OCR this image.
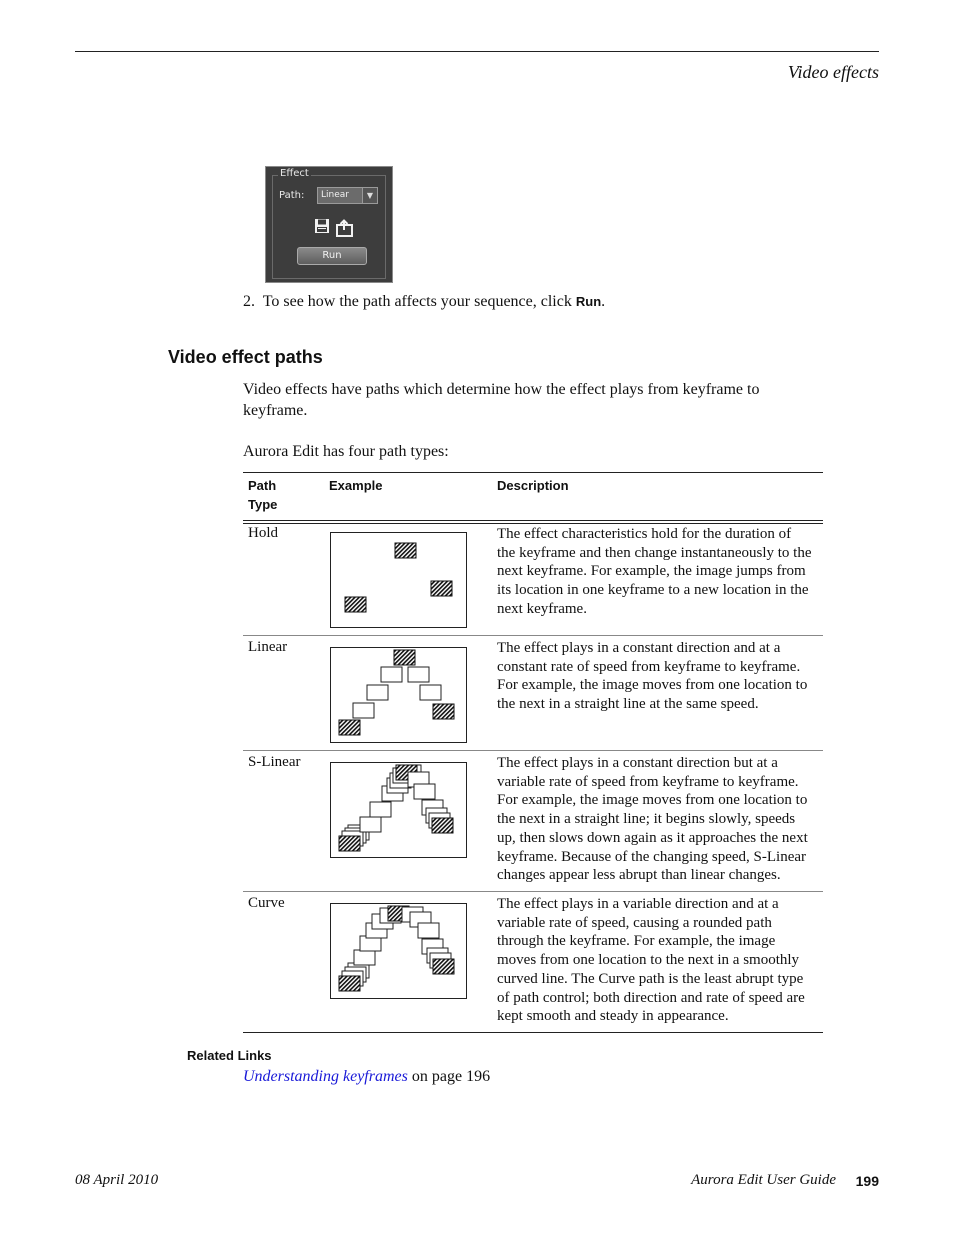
Video effects
Effect
Path:	Linear	▼
Run
2. To see how the path affects your sequence, click Run.
Video effect paths
Video effects have paths which determine how the effect plays from keyframe to keyframe.
Aurora Edit has four path types:
Path Type
Example	Description
Hold	The effect characteristics hold for the duration of the keyframe and then change instantaneously to the next keyframe. For example, the image jumps from its location in one keyframe to a new location in the next keyframe.
Linear	The effect plays in a constant direction and at a constant rate of speed from keyframe to keyframe. For example, the image moves from one location to the next in a straight line at the same speed.
S-Linear	The effect plays in a constant direction but at a variable rate of speed from keyframe to keyframe. For example, the image moves from one location to the next in a straight line; it begins slowly, speeds up, then slows down again as it approaches the next keyframe. Because of the changing speed, S-Linear changes appear less abrupt than linear changes.
Curve	The effect plays in a variable direction and at a variable rate of speed, causing a rounded path through the keyframe. For example, the image moves from one location to the next in a smoothly curved line. The Curve path is the least abrupt type of path control; both direction and rate of speed are kept smooth and steady in appearance.
Related Links
Understanding keyframes on page 196
08 April 2010	Aurora Edit User Guide 199
